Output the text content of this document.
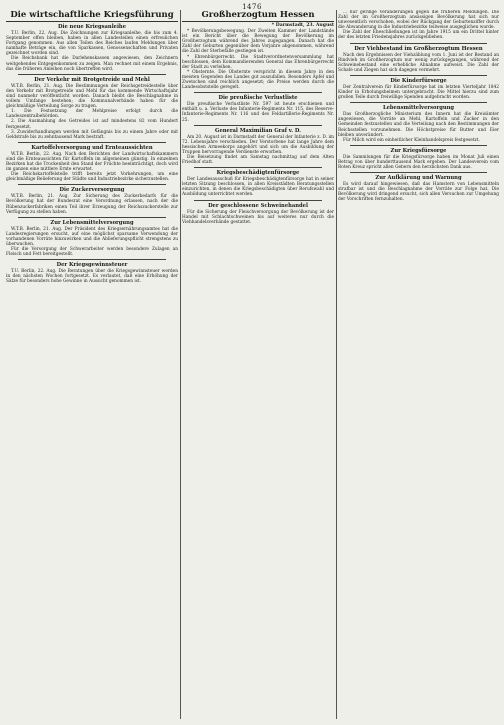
1476
Die wirtschaftliche Kriegsführung
Die neue Kriegsanleihe

T.U. Berlin, 22. Aug. Die Zeichnungen zur Kriegsanleihe, die bis zum 4. September offen bleiben, haben in allen Landesteilen einen erfreulichen Fortgang genommen. Aus allen Teilen des Reiches laufen Meldungen über namhafte Beträge ein, die von Sparkassen, Genossenschaften und Privaten gezeichnet worden sind.

Die Reichsbank hat die Darlehenskassen angewiesen, den Zeichnern weitgehendes Entgegenkommen zu zeigen. Man rechnet mit einem Ergebnis, das die früheren Anleihen noch übertreffen wird.

Der Verkehr mit Brotgetreide und Mehl

W.T.B. Berlin, 21. Aug. Die Bestimmungen der Reichsgetreidestelle über den Verkehr mit Brotgetreide und Mehl für das kommende Wirtschaftsjahr sind nunmehr veröffentlicht worden. Danach bleibt die Beschlagnahme in vollem Umfange bestehen; die Kommunalverbände haben für die gleichmäßige Verteilung Sorge zu tragen.

1. Die Festsetzung der Mehlpreise erfolgt durch die Landeszentralbehörden.

2. Die Ausmahlung des Getreides ist auf mindestens 82 vom Hundert festgesetzt.

3. Zuwiderhandlungen werden mit Gefängnis bis zu einem Jahre oder mit Geldstrafe bis zu zehntausend Mark bestraft.

Kartoffelversorgung und Ernteaussichten

W.T.B. Berlin, 22. Aug. Nach den Berichten der Landwirtschaftskammern sind die Ernteaussichten für Kartoffeln im allgemeinen günstig. In einzelnen Bezirken hat die Trockenheit den Stand der Früchte beeinträchtigt, doch wird im ganzen eine mittlere Ernte erwartet.

Die Reichskartoffelstelle trifft bereits jetzt Vorkehrungen, um eine gleichmäßige Belieferung der Städte und Industriebezirke sicherzustellen.

Die Zuckerversorgung

W.T.B. Berlin, 21. Aug. Zur Sicherung des Zuckerbedarfs für die Bevölkerung hat der Bundesrat eine Verordnung erlassen, nach der die Rübenzuckerfabriken einen Teil ihrer Erzeugung der Reichszuckerstelle zur Verfügung zu stellen haben.

Zur Lebensmittelversorgung

W.T.B. Berlin, 21. Aug. Der Präsident des Kriegsernährungsamtes hat die Landesregierungen ersucht, auf eine möglichst sparsame Verwendung der vorhandenen Vorräte hinzuwirken und die Ablieferungspflicht strengstens zu überwachen.

Für die Versorgung der Schwerarbeiter werden besondere Zulagen an Fleisch und Fett bereitgestellt.

Der Kriegsgewinnsteuer

T.U. Berlin, 22. Aug. Die Beratungen über die Kriegsgewinnsteuer werden in den nächsten Wochen fortgesetzt. Es verlautet, daß eine Erhöhung der Sätze für besonders hohe Gewinne in Aussicht genommen ist.

Großherzogtum Hessen
* Darmstadt, 23. August

* Bevölkerungsbewegung. Der Zweiten Kammer der Landstände ist ein Bericht über die Bewegung der Bevölkerung im Großherzogtum während des Jahres zugegangen. Danach hat die Zahl der Geburten gegenüber dem Vorjahre abgenommen, während die Zahl der Sterbefälle gestiegen ist.

* Ehrenbürgerrecht. Die Stadtverordnetenversammlung hat beschlossen, dem Kommandierenden General das Ehrenbürgerrecht der Stadt zu verleihen.

* Obsternte. Die Obsternte verspricht in diesem Jahre in den meisten Gegenden des Landes gut auszufallen. Besonders Äpfel und Zwetschen sind reichlich angesetzt; die Preise werden durch die Landesobststelle geregelt.

Die preußische Verlustliste

Die preußische Verlustliste Nr. 597 ist heute erschienen und enthält u. a. Verluste des Infanterie-Regiments Nr. 115, des Reserve-Infanterie-Regiments Nr. 116 und des Feldartillerie-Regiments Nr. 25.

General Maximilian Graf v. D.

Am 20. August ist in Darmstadt der General der Infanterie z. D. im 72. Lebensjahre verschieden. Der Verstorbene hat lange Jahre dem hessischen Armeekorps angehört und sich um die Ausbildung der Truppen hervorragende Verdienste erworben.

Die Beisetzung findet am Samstag nachmittag auf dem Alten Friedhof statt.

Kriegsbeschädigtenfürsorge

Der Landesausschuß für Kriegsbeschädigtenfürsorge hat in seiner letzten Sitzung beschlossen, in allen Kreisstädten Beratungsstellen einzurichten, in denen die Kriegsbeschädigten über Berufswahl und Ausbildung unterrichtet werden.

Der geschlossene Schweinehandel

Für die Sicherung der Fleischversorgung der Bevölkerung ist der Handel mit Schlachtschweinen bis auf weiteres nur durch die Viehhandelsverbände gestattet.

... nur geringe Veränderungen gegen die früheren Meldungen. Die Zahl der im Großherzogtum ansässigen Bevölkerung hat sich nur unwesentlich verschoben, wobei der Rückgang der Geburtenziffer durch die Abwanderung in die Industriebezirke teilweise ausgeglichen wurde.

Die Zahl der Eheschließungen ist im Jahre 1915 um ein Drittel hinter der des letzten Friedensjahres zurückgeblieben.

Der Viehbestand im Großherzogtum Hessen

Nach den Ergebnissen der Viehzählung vom 1. Juni ist der Bestand an Rindvieh im Großherzogtum nur wenig zurückgegangen, während der Schweinebestand eine erhebliche Abnahme aufweist. Die Zahl der Schafe und Ziegen hat sich dagegen vermehrt.

Die Kinderfürsorge

Der Zentralverein für Kinderfürsorge hat im letzten Vierteljahr 1842 Kinder in Erholungsheimen untergebracht. Die Mittel hierzu sind zum großen Teile durch freiwillige Spenden aufgebracht worden.

Lebensmittelversorgung

Das Großherzogliche Ministerium des Innern hat die Kreisämter angewiesen, die Vorräte an Mehl, Kartoffeln und Zucker in den Gemeinden festzustellen und die Verteilung nach den Bestimmungen der Reichsstellen vorzunehmen. Die Höchstpreise für Butter und Eier bleiben unverändert.

Für Milch wird ein einheitlicher Kleinhandelspreis festgesetzt.

Zur Kriegsfürsorge

Die Sammlungen für die Kriegsfürsorge haben im Monat Juli einen Betrag von über hunderttausend Mark ergeben. Der Landesverein vom Roten Kreuz spricht allen Gebern den herzlichsten Dank aus.

Zur Aufklärung und Warnung

Es wird darauf hingewiesen, daß das Hamstern von Lebensmitteln strafbar ist und die Beschlagnahme der Vorräte zur Folge hat. Die Bevölkerung wird dringend ersucht, sich allen Versuchen zur Umgehung der Vorschriften fernzuhalten.
